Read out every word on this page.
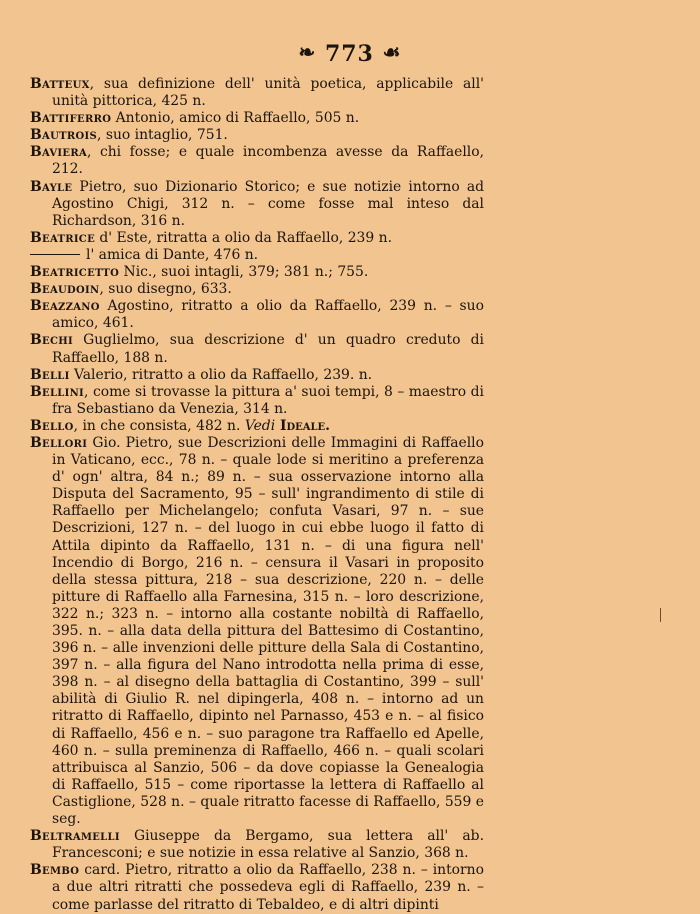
❧ 773 ☙

Batteux, sua definizione dell' unità poetica, applicabile all' unità pittorica, 425 n.

Battiferro Antonio, amico di Raffaello, 505 n.

Bautrois, suo intaglio, 751.

Baviera, chi fosse; e quale incombenza avesse da Raffaello, 212.

Bayle Pietro, suo Dizionario Storico; e sue notizie intorno ad Agostino Chigi, 312 n. – come fosse mal inteso dal Richardson, 316 n.

Beatrice d' Este, ritratta a olio da Raffaello, 239 n.

l' amica di Dante, 476 n.

Beatricetto Nic., suoi intagli, 379; 381 n.; 755.

Beaudoin, suo disegno, 633.

Beazzano Agostino, ritratto a olio da Raffaello, 239 n. – suo amico, 461.

Bechi Guglielmo, sua descrizione d' un quadro creduto di Raffaello, 188 n.

Belli Valerio, ritratto a olio da Raffaello, 239. n.

Bellini, come si trovasse la pittura a' suoi tempi, 8 – maestro di fra Sebastiano da Venezia, 314 n.

Bello, in che consista, 482 n. Vedi Ideale.

Bellori Gio. Pietro, sue Descrizioni delle Immagini di Raffaello in Vaticano, ecc., 78 n. – quale lode si meritino a preferenza d' ogn' altra, 84 n.; 89 n. – sua osservazione intorno alla Disputa del Sacramento, 95 – sull' ingrandimento di stile di Raffaello per Michelangelo; confuta Vasari, 97 n. – sue Descrizioni, 127 n. – del luogo in cui ebbe luogo il fatto di Attila dipinto da Raffaello, 131 n. – di una figura nell' Incendio di Borgo, 216 n. – censura il Vasari in proposito della stessa pittura, 218 – sua descrizione, 220 n. – delle pitture di Raffaello alla Farnesina, 315 n. – loro descrizione, 322 n.; 323 n. – intorno alla costante nobiltà di Raffaello, 395. n. – alla data della pittura del Battesimo di Costantino, 396 n. – alle invenzioni delle pitture della Sala di Costantino, 397 n. – alla figura del Nano introdotta nella prima di esse, 398 n. – al disegno della battaglia di Costantino, 399 – sull' abilità di Giulio R. nel dipingerla, 408 n. – intorno ad un ritratto di Raffaello, dipinto nel Parnasso, 453 e n. – al fisico di Raffaello, 456 e n. – suo paragone tra Raffaello ed Apelle, 460 n. – sulla preminenza di Raffaello, 466 n. – quali scolari attribuisca al Sanzio, 506 – da dove copiasse la Genealogia di Raffaello, 515 – come riportasse la lettera di Raffaello al Castiglione, 528 n. – quale ritratto facesse di Raffaello, 559 e seg.

Beltramelli Giuseppe da Bergamo, sua lettera all' ab. Francesconi; e sue notizie in essa relative al Sanzio, 368 n.

Bembo card. Pietro, ritratto a olio da Raffaello, 238 n. – intorno a due altri ritratti che possedeva egli di Raffaello, 239 n. – come parlasse del ritratto di Tebaldeo, e di altri dipinti
